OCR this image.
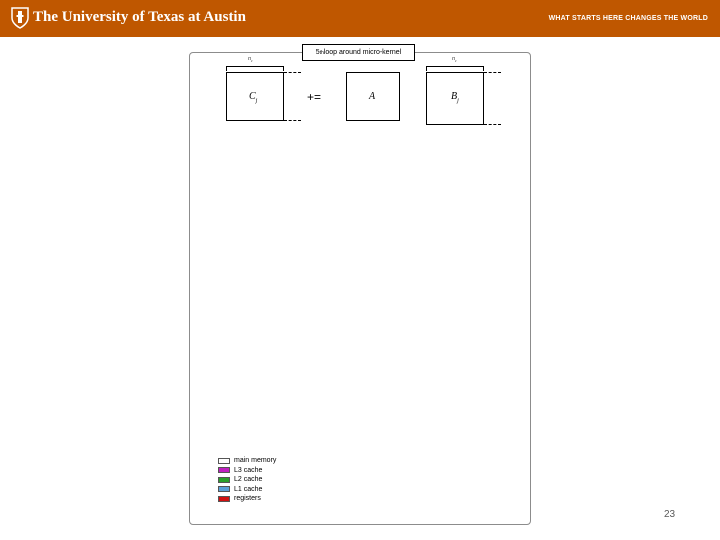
The University of Texas at Austin	WHAT STARTS HERE CHANGES THE WORLD
5 th loop around micro-kernel
$n_c$	$n_c$
$C_j$	+=	A	$B_j$
main memory
L3 cache
L2 cache
L1 cache
registers
23
